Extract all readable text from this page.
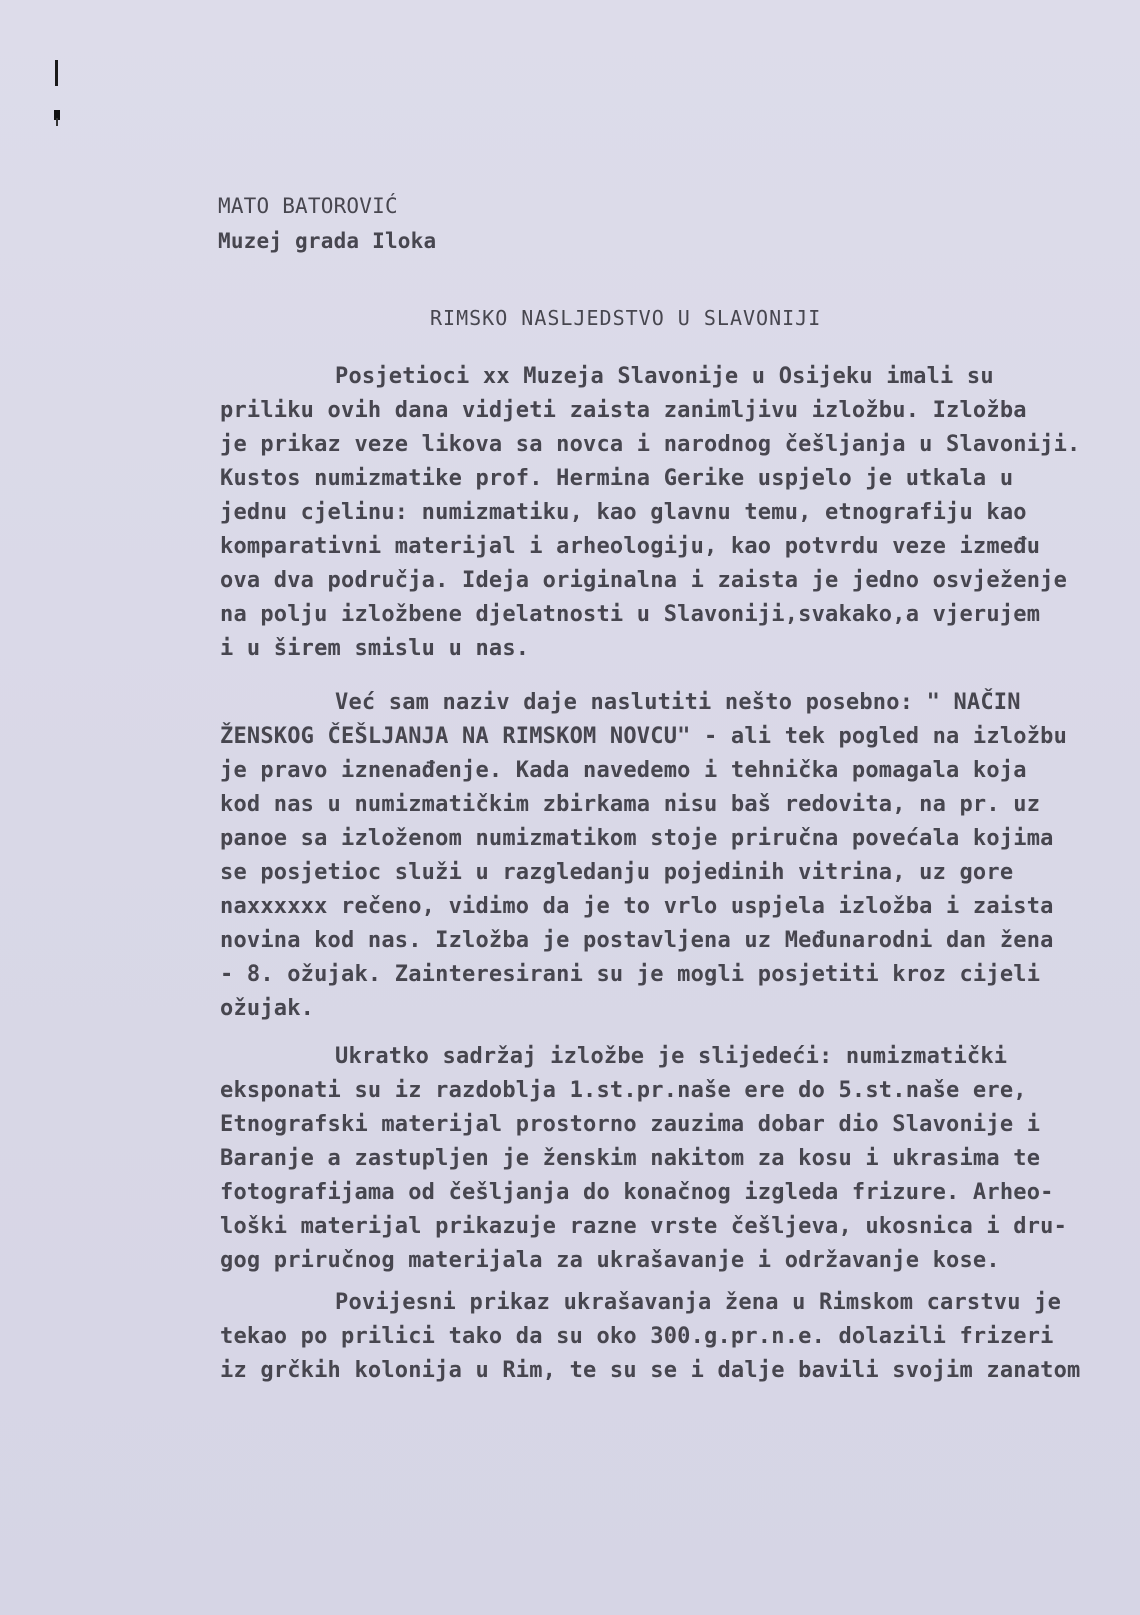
MATO BATOROVIĆ
Muzej grada Iloka
RIMSKO NASLJEDSTVO U SLAVONIJI
Posjetioci xx Muzeja Slavonije u Osijeku imali su
priliku ovih dana vidjeti zaista zanimljivu izložbu. Izložba
je prikaz veze likova sa novca i narodnog češljanja u Slavoniji.
Kustos numizmatike prof. Hermina Gerike uspjelo je utkala u
jednu cjelinu: numizmatiku, kao glavnu temu, etnografiju kao
komparativni materijal i arheologiju, kao potvrdu veze između
ova dva područja. Ideja originalna i zaista je jedno osvježenje
na polju izložbene djelatnosti u Slavoniji,svakako,a vjerujem
i u širem smislu u nas.
Već sam naziv daje naslutiti nešto posebno: " NAČIN
ŽENSKOG ČEŠLJANJA NA RIMSKOM NOVCU" - ali tek pogled na izložbu
je pravo iznenađenje. Kada navedemo i tehnička pomagala koja
kod nas u numizmatičkim zbirkama nisu baš redovita, na pr. uz
panoe sa izloženom numizmatikom stoje priručna povećala kojima
se posjetioc služi u razgledanju pojedinih vitrina, uz gore
naxxxxxx rečeno, vidimo da je to vrlo uspjela izložba i zaista
novina kod nas. Izložba je postavljena uz Međunarodni dan žena
- 8. ožujak. Zainteresirani su je mogli posjetiti kroz cijeli
ožujak.
Ukratko sadržaj izložbe je slijedeći: numizmatički
eksponati su iz razdoblja 1.st.pr.naše ere do 5.st.naše ere,
Etnografski materijal prostorno zauzima dobar dio Slavonije i
Baranje a zastupljen je ženskim nakitom za kosu i ukrasima te
fotografijama od češljanja do konačnog izgleda frizure. Arheo-
loški materijal prikazuje razne vrste češljeva, ukosnica i dru-
gog priručnog materijala za ukrašavanje i održavanje kose.
Povijesni prikaz ukrašavanja žena u Rimskom carstvu je
tekao po prilici tako da su oko 300.g.pr.n.e. dolazili frizeri
iz grčkih kolonija u Rim, te su se i dalje bavili svojim zanatom
